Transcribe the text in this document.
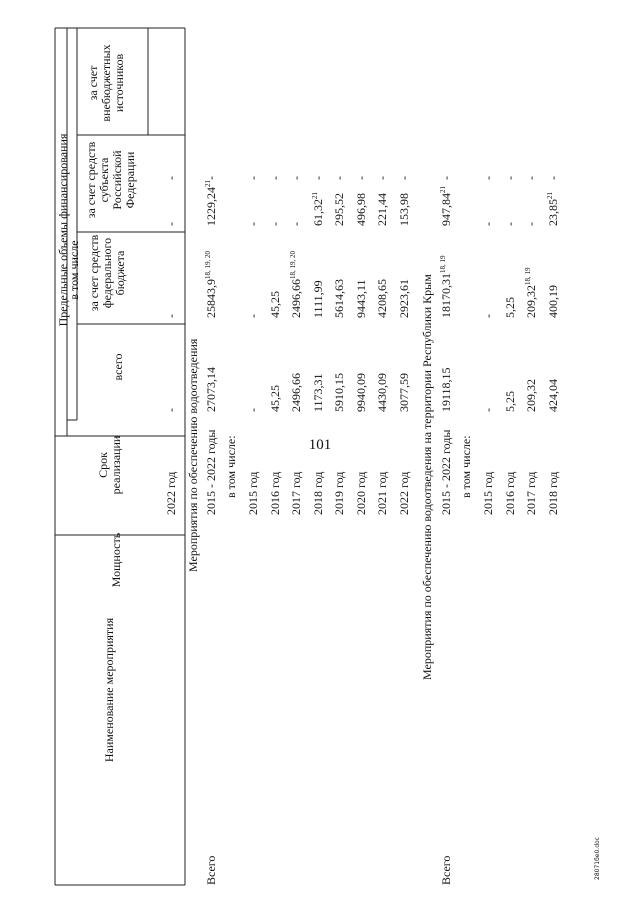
101
Наименование мероприятия
Мощность
Срок реализации
Предельные объемы финансирования
в том числе
всего
за счет средств федерального бюджета
за счет средств субъекта Российской Федерации
за счет внебюджетных источников
Мероприятия по обеспечению водоотведения	Мероприятия по обеспечению водоотведения на территории Республики Крым
2022 год
-
-
-
-
Всего
2015 - 2022 годы
27073,14
25843,9$^{18, 19, 20}$
1229,24$^{21}$
-
в том числе: 2015 год
-
-
-
-
2016 год
45,25
45,25
-
-
2017 год
2496,66
2496,66$^{18, 19, 20}$
-
-
2018 год
1173,31
1111,99
61,32$^{21}$
-
2019 год
5910,15
5614,63
295,52
-
2020 год
9940,09
9443,11
496,98
-
2021 год
4430,09
4208,65
221,44
-
2022 год
3077,59
2923,61
153,98
-
Всего
2015 - 2022 годы
19118,15
18170,31$^{18, 19}$
947,84$^{21}$
-
в том числе: 2015 год
-
-
-
-
2016 год
5,25
5,25
-
-
2017 год
209,32
209,32$^{18, 19}$
-
-
2018 год
424,04
400,19
23,85$^{21}$
-
28071бе0.doc
